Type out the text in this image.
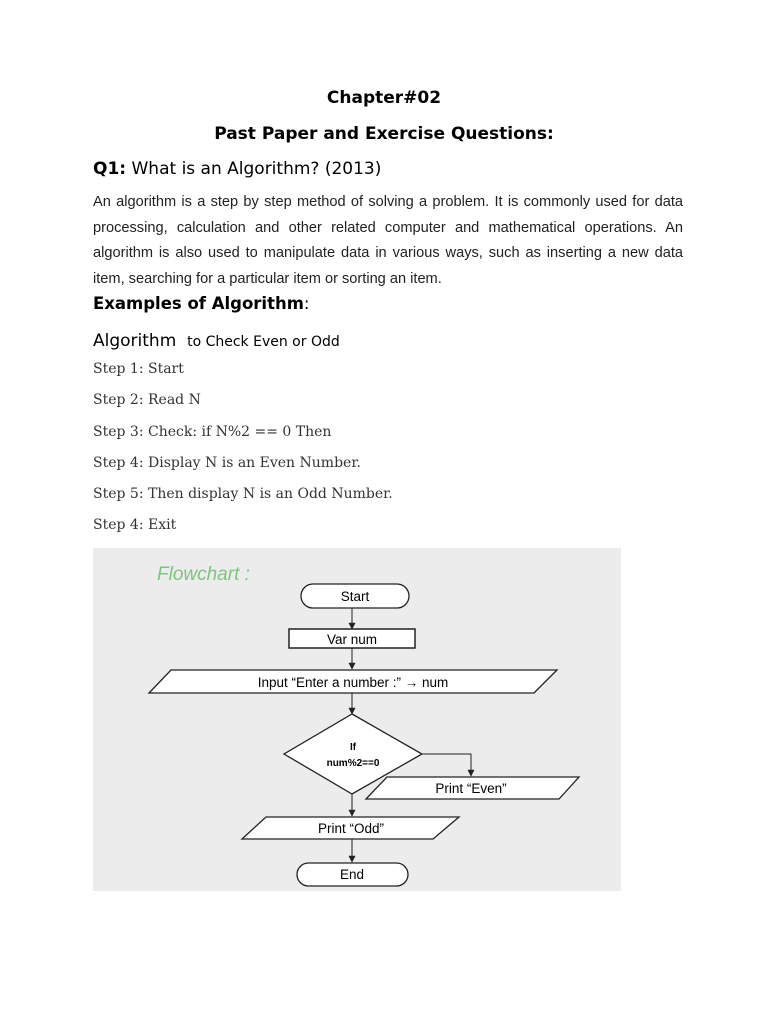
Chapter#02
Past Paper and Exercise Questions:
Q1: What is an Algorithm? (2013)
An algorithm is a step by step method of solving a problem. It is commonly used for data processing, calculation and other related computer and mathematical operations. An algorithm is also used to manipulate data in various ways, such as inserting a new data item, searching for a particular item or sorting an item.
Examples of Algorithm:
Algorithm to Check Even or Odd
Step 1: Start
Step 2: Read N
Step 3: Check: if N%2 == 0 Then
Step 4: Display N is an Even Number.
Step 5: Then display N is an Odd Number.
Step 4: Exit
Flowchart :
Start
Var num
Input “Enter a number :” → num
If
num%2==0
Print “Even”
Print “Odd”
End
